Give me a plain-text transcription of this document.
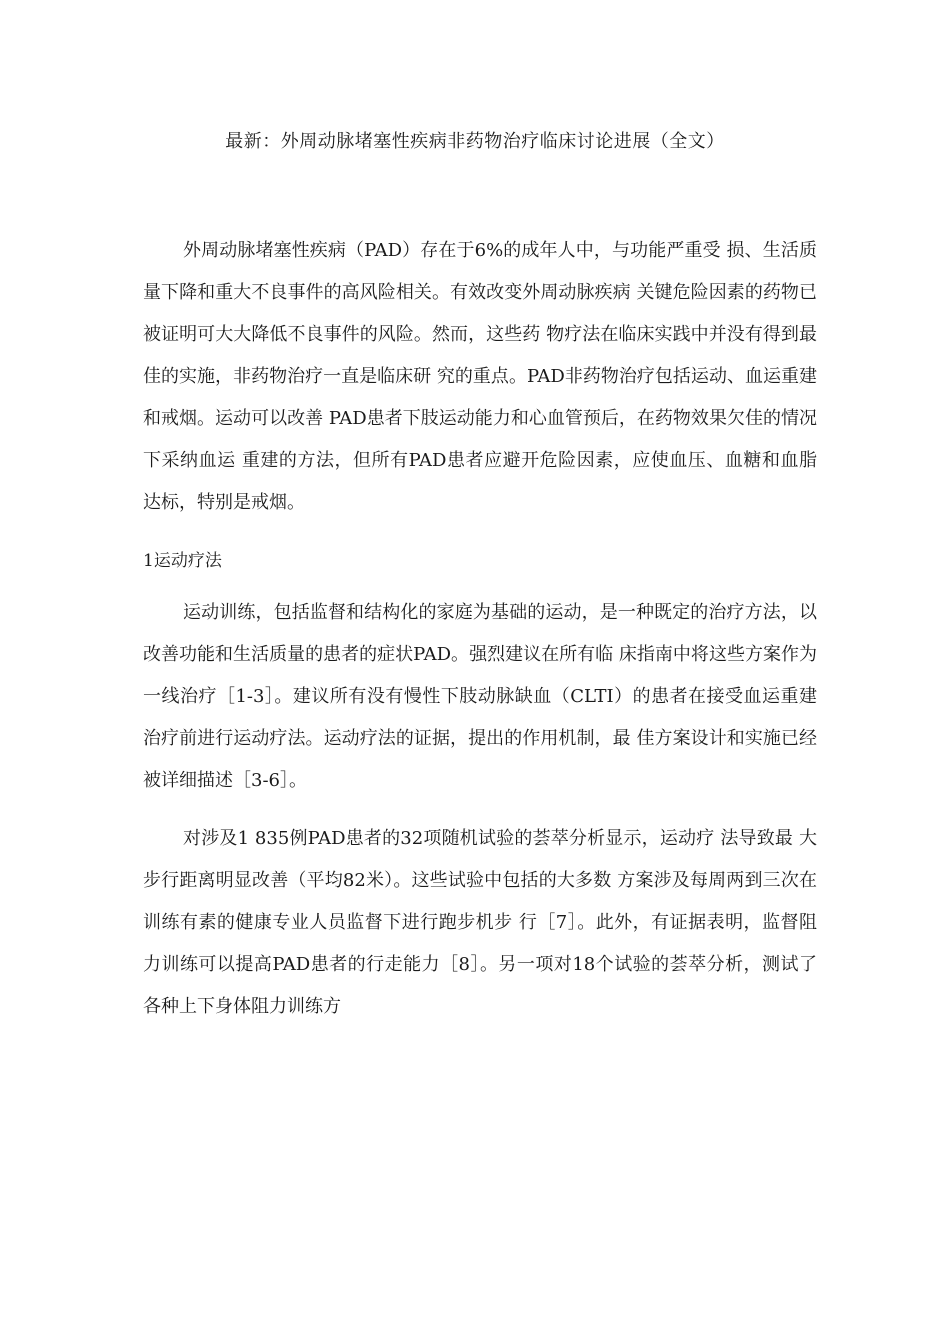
最新：外周动脉堵塞性疾病非药物治疗临床讨论进展（全文）

外周动脉堵塞性疾病（PAD）存在于6%的成年人中，与功能严重受 损、生活质量下降和重大不良事件的高风险相关。有效改变外周动脉疾病 关键危险因素的药物已被证明可大大降低不良事件的风险。然而，这些药 物疗法在临床实践中并没有得到最佳的实施，非药物治疗一直是临床研 究的重点。PAD非药物治疗包括运动、血运重建和戒烟。运动可以改善 PAD患者下肢运动能力和心血管预后，在药物效果欠佳的情况下采纳血运 重建的方法，但所有PAD患者应避开危险因素，应使血压、血糖和血脂 达标，特别是戒烟。

1运动疗法

运动训练，包括监督和结构化的家庭为基础的运动，是一种既定的治疗方法，以改善功能和生活质量的患者的症状PAD。强烈建议在所有临 床指南中将这些方案作为一线治疗［1-3］。建议所有没有慢性下肢动脉缺血（CLTI）的患者在接受血运重建治疗前进行运动疗法。运动疗法的证据，提出的作用机制，最 佳方案设计和实施已经被详细描述［3-6］。

对涉及1 835例PAD患者的32项随机试验的荟萃分析显示，运动疗 法导致最 大步行距离明显改善（平均82米）。这些试验中包括的大多数 方案涉及每周两到三次在训练有素的健康专业人员监督下进行跑步机步 行［7］。此外，有证据表明，监督阻力训练可以提高PAD患者的行走能力［8］。另一项对18个试验的荟萃分析，测试了各种上下身体阻力训练方
